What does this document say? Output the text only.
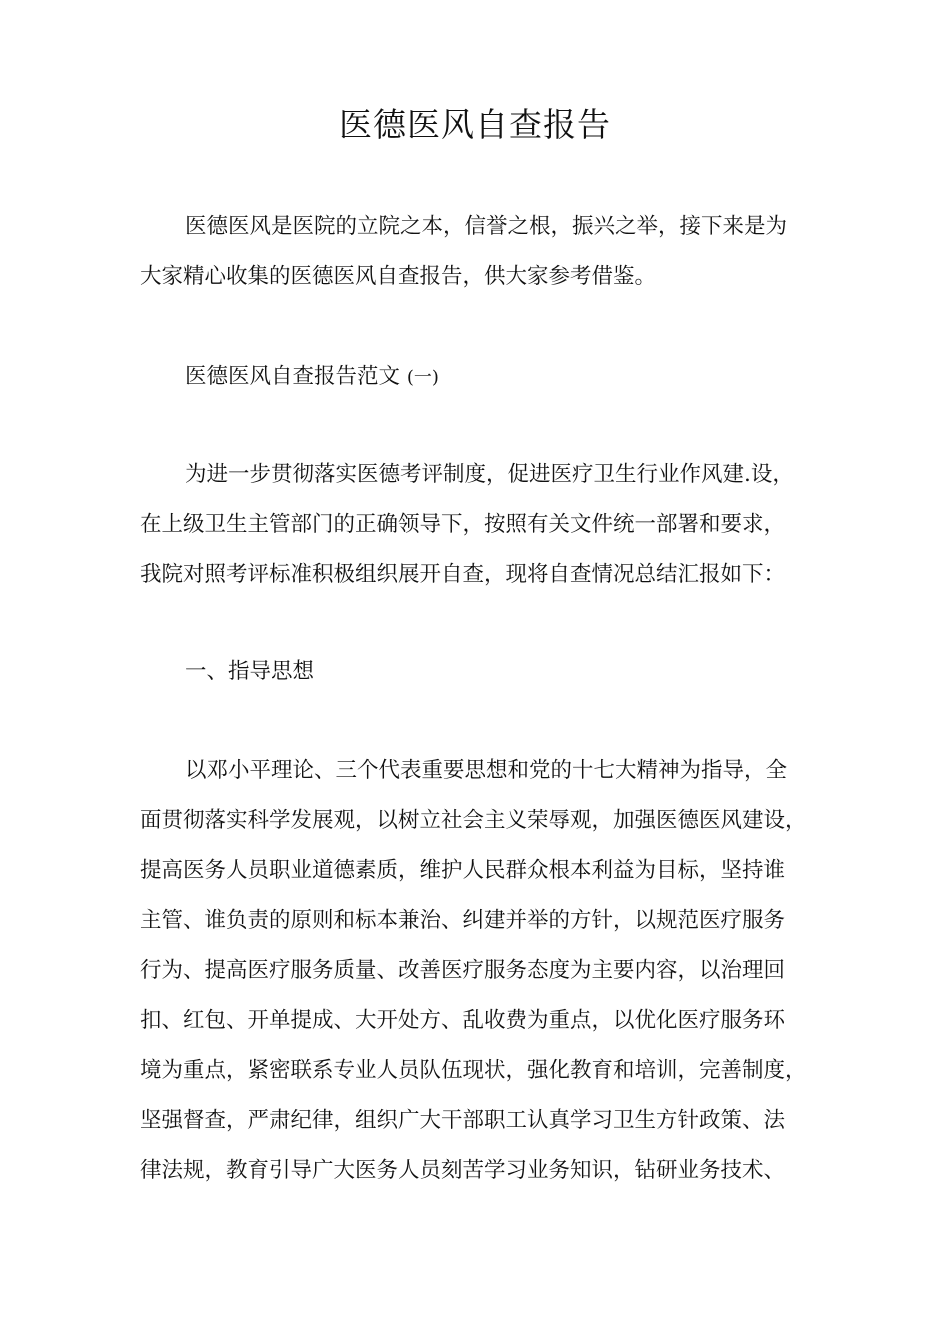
医德医风自查报告

医德医风是医院的立院之本，信誉之根，振兴之举，接下来是为
大家精心收集的医德医风自查报告，供大家参考借鉴。

医德医风自查报告范文 (一)

为进一步贯彻落实医德考评制度，促进医疗卫生行业作风建.设，
在上级卫生主管部门的正确领导下，按照有关文件统一部署和要求，
我院对照考评标准积极组织展开自查，现将自查情况总结汇报如下：

一、指导思想

以邓小平理论、三个代表重要思想和党的十七大精神为指导，全
面贯彻落实科学发展观，以树立社会主义荣辱观，加强医德医风建设，
提高医务人员职业道德素质，维护人民群众根本利益为目标，坚持谁
主管、谁负责的原则和标本兼治、纠建并举的方针，以规范医疗服务
行为、提高医疗服务质量、改善医疗服务态度为主要内容，以治理回
扣、红包、开单提成、大开处方、乱收费为重点，以优化医疗服务环
境为重点，紧密联系专业人员队伍现状，强化教育和培训，完善制度，
坚强督查，严肃纪律，组织广大干部职工认真学习卫生方针政策、法
律法规，教育引导广大医务人员刻苦学习业务知识，钻研业务技术、
